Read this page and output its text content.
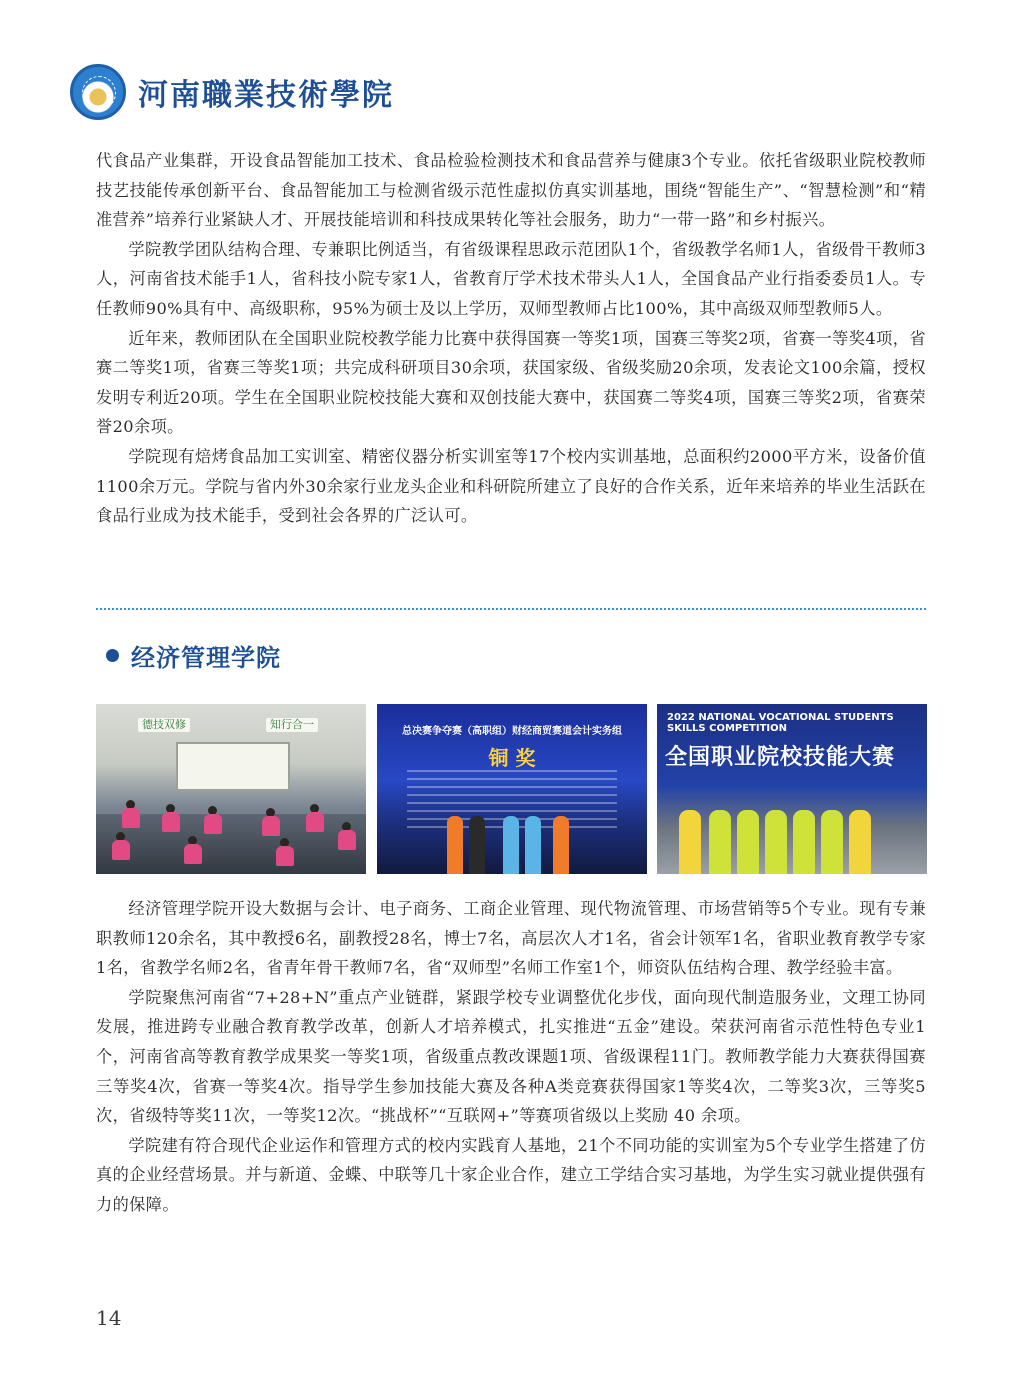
河南職業技術學院

代食品产业集群，开设食品智能加工技术、食品检验检测技术和食品营养与健康3个专业。依托省级职业院校教师技艺技能传承创新平台、食品智能加工与检测省级示范性虚拟仿真实训基地，围绕“智能生产”、“智慧检测”和“精准营养”培养行业紧缺人才、开展技能培训和科技成果转化等社会服务，助力“一带一路”和乡村振兴。

学院教学团队结构合理、专兼职比例适当，有省级课程思政示范团队1个，省级教学名师1人，省级骨干教师3人，河南省技术能手1人，省科技小院专家1人，省教育厅学术技术带头人1人，全国食品产业行指委委员1人。专任教师90%具有中、高级职称，95%为硕士及以上学历，双师型教师占比100%，其中高级双师型教师5人。

近年来，教师团队在全国职业院校教学能力比赛中获得国赛一等奖1项，国赛三等奖2项，省赛一等奖4项，省赛二等奖1项，省赛三等奖1项；共完成科研项目30余项，获国家级、省级奖励20余项，发表论文100余篇，授权发明专利近20项。学生在全国职业院校技能大赛和双创技能大赛中，获国赛二等奖4项，国赛三等奖2项，省赛荣誉20余项。

学院现有焙烤食品加工实训室、精密仪器分析实训室等17个校内实训基地，总面积约2000平方米，设备价值1100余万元。学院与省内外30余家行业龙头企业和科研院所建立了良好的合作关系，近年来培养的毕业生活跃在食品行业成为技术能手，受到社会各界的广泛认可。

经济管理学院
德技双修	知行合一
总决赛争夺赛（高职组）财经商贸赛道会计实务组
铜 奖
2022 NATIONAL VOCATIONAL STUDENTS SKILLS COMPETITION
全国职业院校技能大赛

经济管理学院开设大数据与会计、电子商务、工商企业管理、现代物流管理、市场营销等5个专业。现有专兼职教师120余名，其中教授6名，副教授28名，博士7名，高层次人才1名，省会计领军1名，省职业教育教学专家1名，省教学名师2名，省青年骨干教师7名，省“双师型”名师工作室1个，师资队伍结构合理、教学经验丰富。

学院聚焦河南省“7+28+N”重点产业链群，紧跟学校专业调整优化步伐，面向现代制造服务业，文理工协同发展，推进跨专业融合教育教学改革，创新人才培养模式，扎实推进“五金”建设。荣获河南省示范性特色专业1个，河南省高等教育教学成果奖一等奖1项，省级重点教改课题1项、省级课程11门。教师教学能力大赛获得国赛三等奖4次，省赛一等奖4次。指导学生参加技能大赛及各种A类竞赛获得国家1等奖4次，二等奖3次，三等奖5次，省级特等奖11次，一等奖12次。“挑战杯”“互联网+”等赛项省级以上奖励 40 余项。

学院建有符合现代企业运作和管理方式的校内实践育人基地，21个不同功能的实训室为5个专业学生搭建了仿真的企业经营场景。并与新道、金蝶、中联等几十家企业合作，建立工学结合实习基地，为学生实习就业提供强有力的保障。

14
